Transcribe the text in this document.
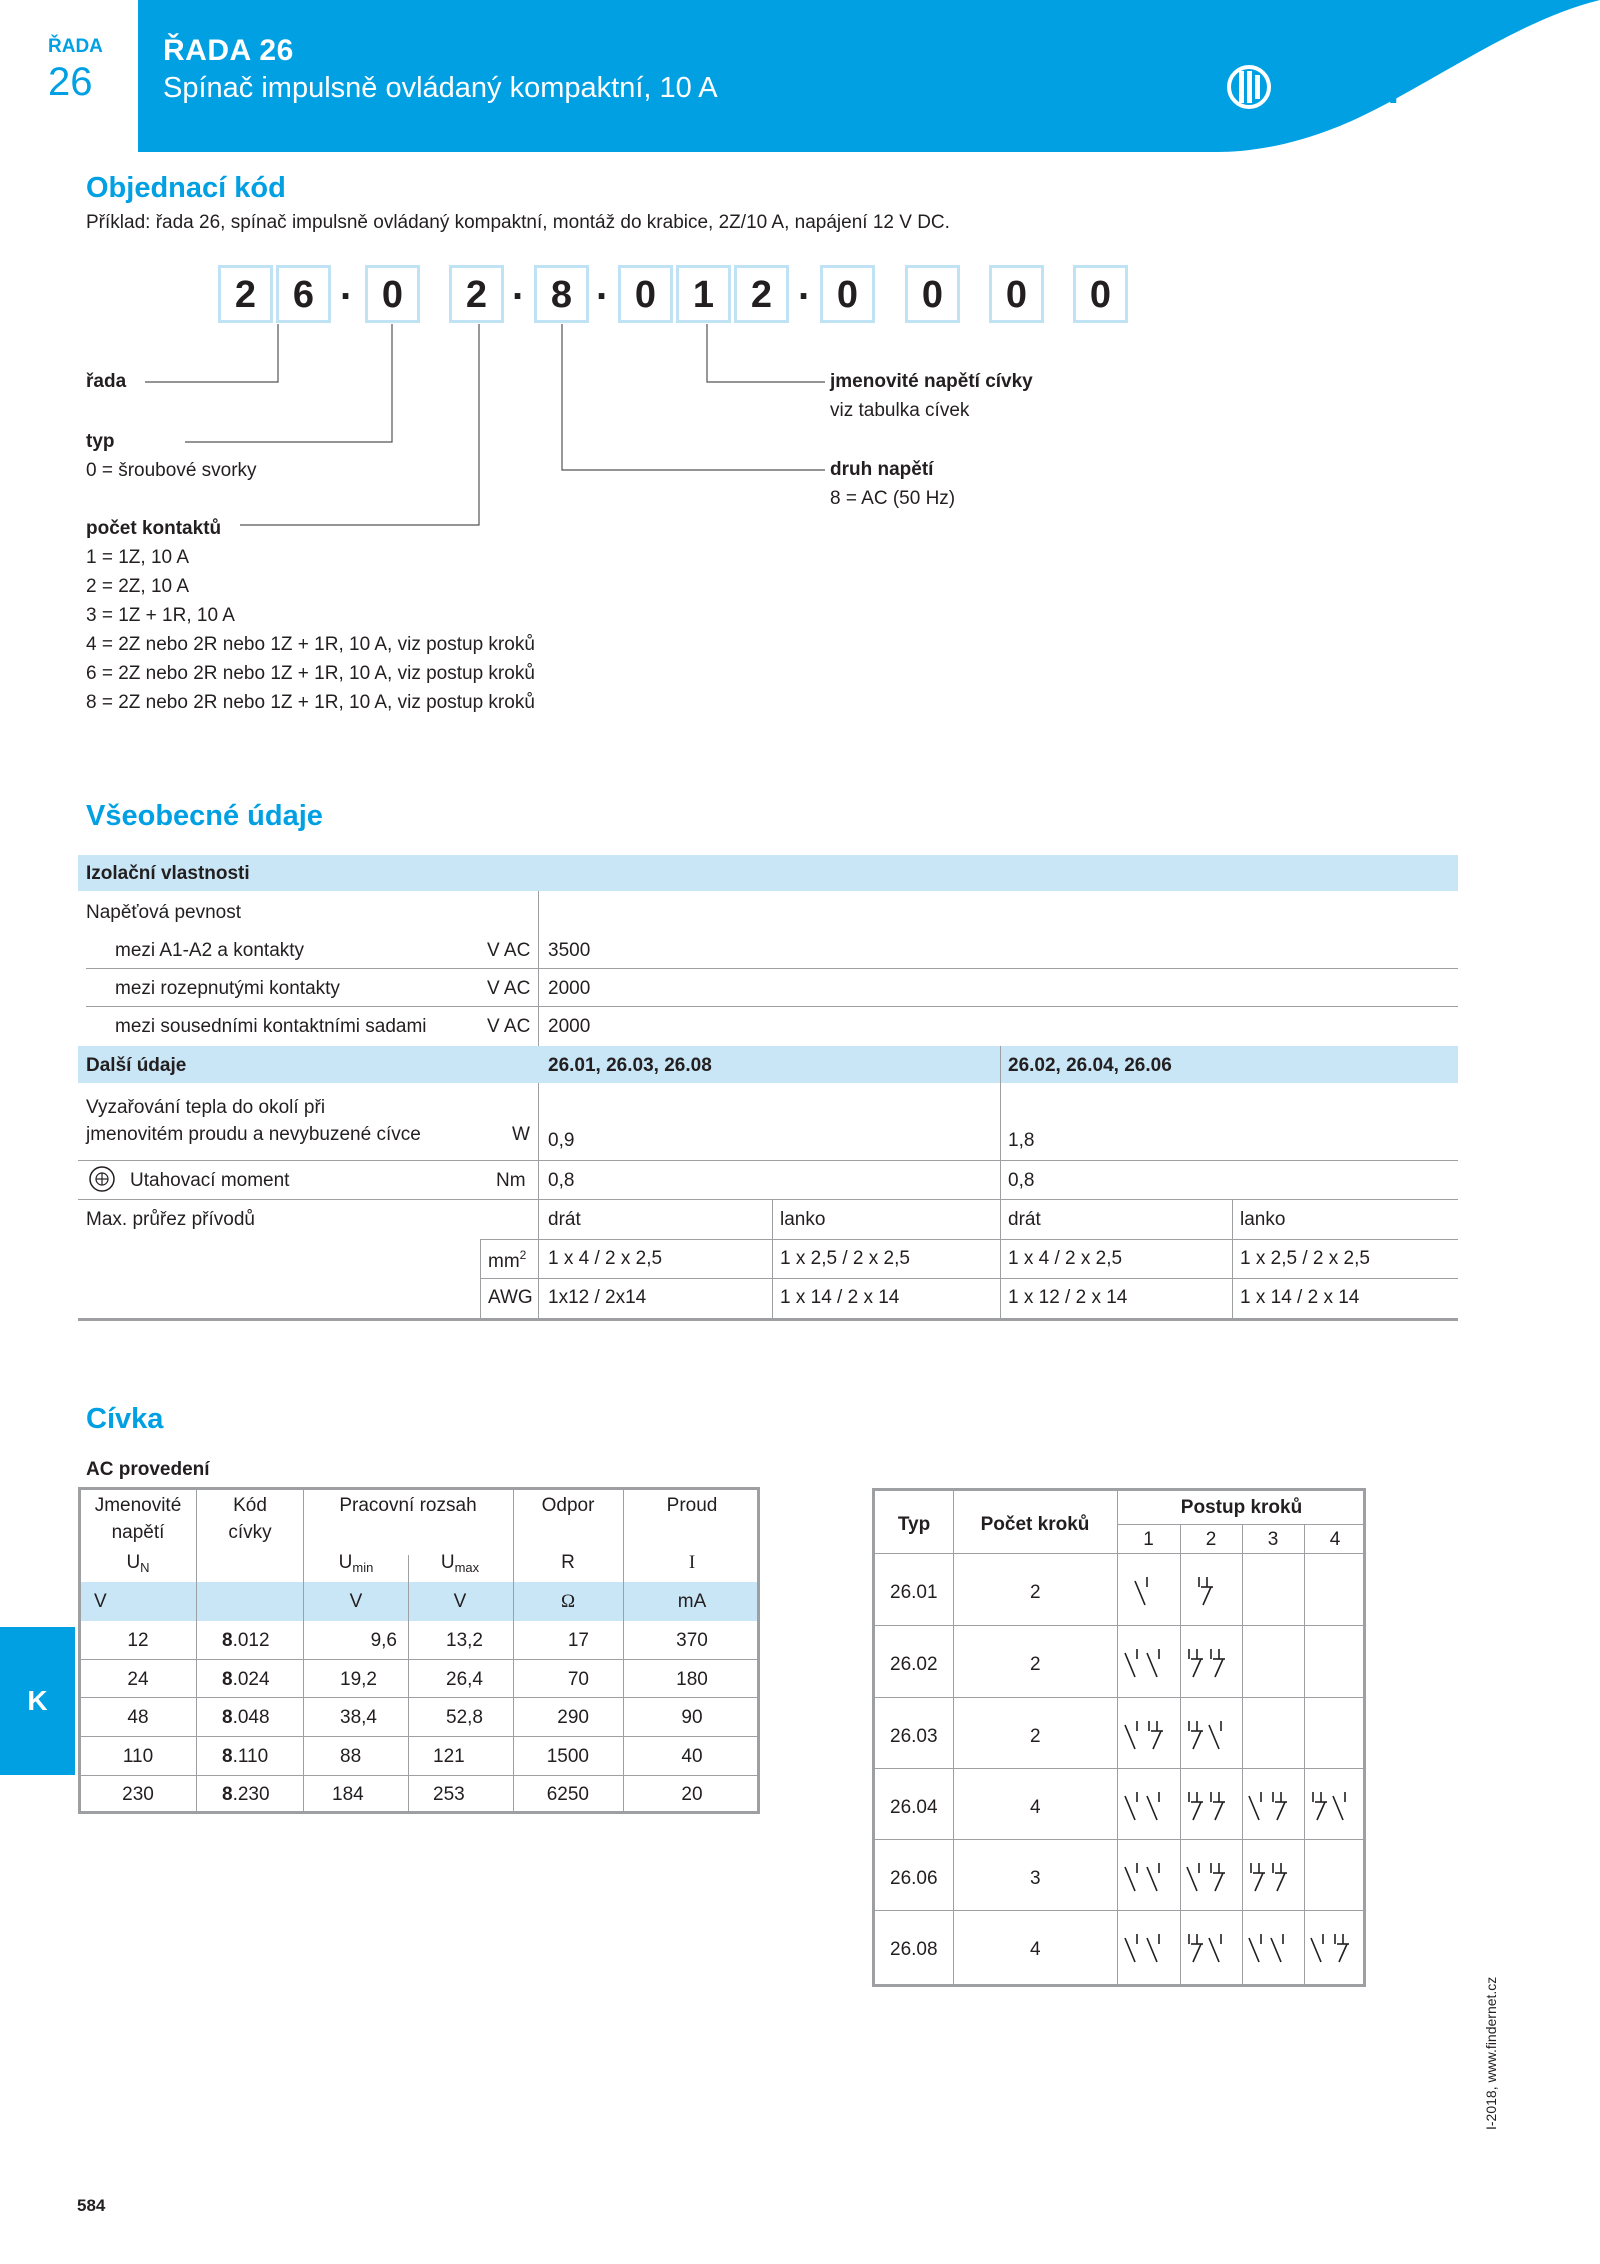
ŘADA
26
ŘADA 26
Spínač impulsně ovládaný kompaktní, 10 A	finder
Objednací kód
Příklad: řada 26, spínač impulsně ovládaný kompaktní, montáž do krabice, 2Z/10 A, napájení 12 V DC.
2 6 . 0	2 . 8 . 0 1 2 . 0	0	0	0
řada
typ
0 = šroubové svorky
počet kontaktů
1 = 1Z, 10 A
2 = 2Z, 10 A
3 = 1Z + 1R, 10 A
4 = 2Z nebo 2R nebo 1Z + 1R, 10 A, viz postup kroků
6 = 2Z nebo 2R nebo 1Z + 1R, 10 A, viz postup kroků
8 = 2Z nebo 2R nebo 1Z + 1R, 10 A, viz postup kroků
jmenovité napětí cívky
viz tabulka cívek
druh napětí
8 = AC (50 Hz)
Všeobecné údaje
Izolační vlastnosti
Napěťová pevnost
mezi A1-A2 a kontakty	V AC 3500
mezi rozepnutými kontakty	V AC 2000
mezi sousedními kontaktními sadami	V AC 2000
Další údaje	26.01, 26.03, 26.08	26.02, 26.04, 26.06
Vyzařování tepla do okolí při
jmenovitém proudu a nevybuzené cívce	W 0,9	1,8
Utahovací moment	Nm 0,8	0,8
Max. průřez přívodů	drát	lanko	drát	lanko
$mm^2$ 1 x 4 / 2 x 2,5	1 x 2,5 / 2 x 2,5	1 x 4 / 2 x 2,5	1 x 2,5 / 2 x 2,5
AWG 1x12 / 2x14	1 x 14 / 2 x 14	1 x 12 / 2 x 14	1 x 14 / 2 x 14
Cívka
AC provedení
Jmenovité
napětí
$U_N$
Kód
cívky
Pracovní rozsah
$U_{min}$	$U_{max}$
Odpor
R
Proud
I
V	V	V	Ω	mA
12	8.012	9,6	13,2	17	370
24	8.024	19,2	26,4	70	180
48	8.048	38,4	52,8	290	90
110	8.110	88	121	1500	40
230	8.230	184	253	6250	20
Typ	Počet kroků
Postup kroků
1	2	3	4
26.01	2
26.02	2
26.03	2
26.04	4
26.06	3
26.08	4
K
584
I-2018, www.findernet.cz
